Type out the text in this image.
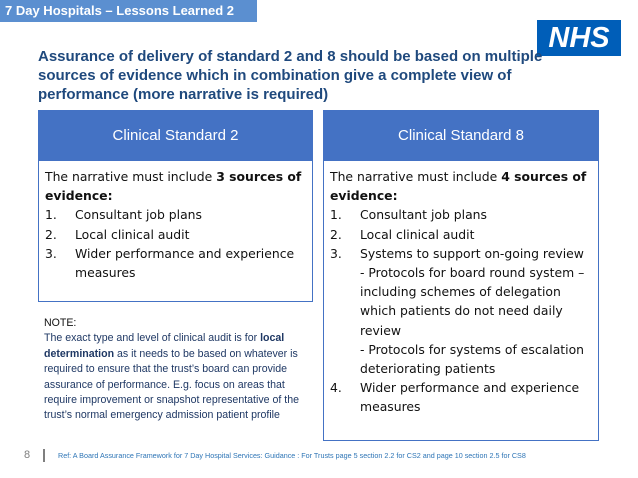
7 Day Hospitals – Lessons Learned 2
NHS
Assurance of delivery of standard 2 and 8 should be based on multiple sources of evidence which in combination give a complete view of performance (more narrative is required)
Clinical Standard 2
The narrative must include 3 sources of evidence:
1.	Consultant job plans
2.	Local clinical audit
3.	Wider performance and experience measures
NOTE:
The exact type and level of clinical audit is for local determination as it needs to be based on whatever is required to ensure that the trust’s board can provide assurance of performance. E.g. focus on areas that require improvement or snapshot representative of the trust’s normal emergency admission patient profile
Clinical Standard 8
The narrative must include 4 sources of evidence:
1.	Consultant job plans
2.	Local clinical audit
3.	Systems to support on-going review
- Protocols for board round system – including schemes of delegation which patients do not need daily review
- Protocols for systems of escalation deteriorating patients
4.	Wider performance and experience measures
8	Ref: A Board Assurance Framework for 7 Day Hospital Services: Guidance : For Trusts page 5 section 2.2 for CS2 and page 10 section 2.5 for CS8
